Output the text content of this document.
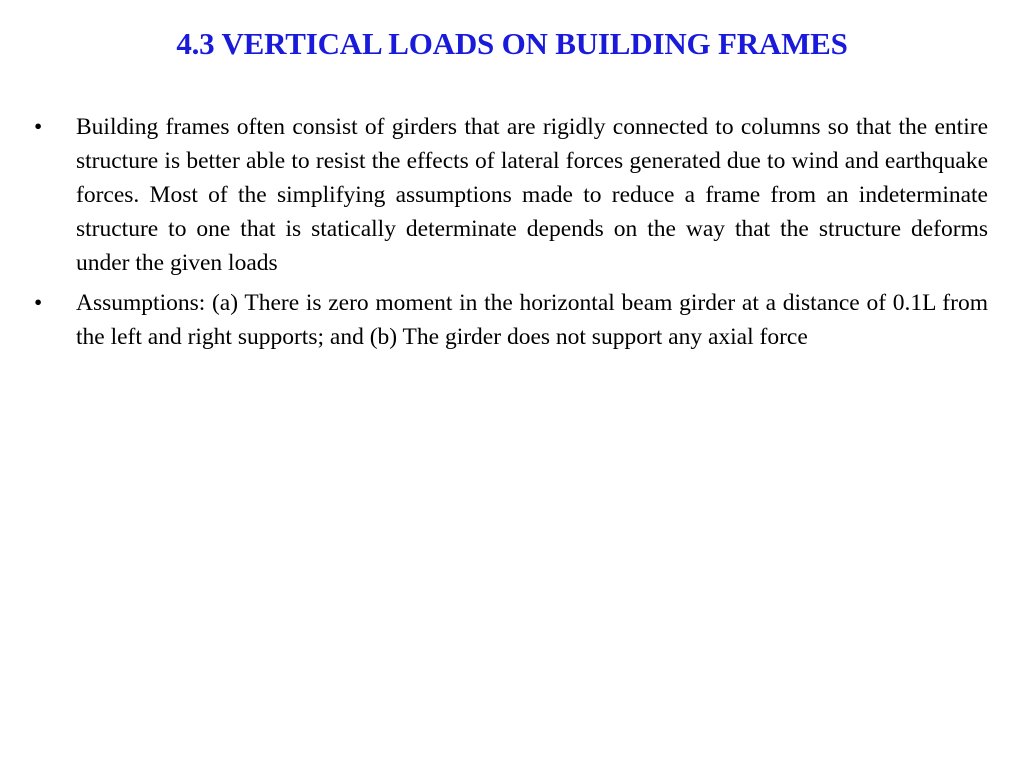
4.3 VERTICAL LOADS ON BUILDING FRAMES
•	Building frames often consist of girders that are rigidly connected to columns so that the entire structure is better able to resist the effects of lateral forces generated due to wind and earthquake forces. Most of the simplifying assumptions made to reduce a frame from an indeterminate structure to one that is statically determinate depends on the way that the structure deforms under the given loads
•	Assumptions: (a) There is zero moment in the horizontal beam girder at a distance of 0.1L from the left and right supports; and (b) The girder does not support any axial force
